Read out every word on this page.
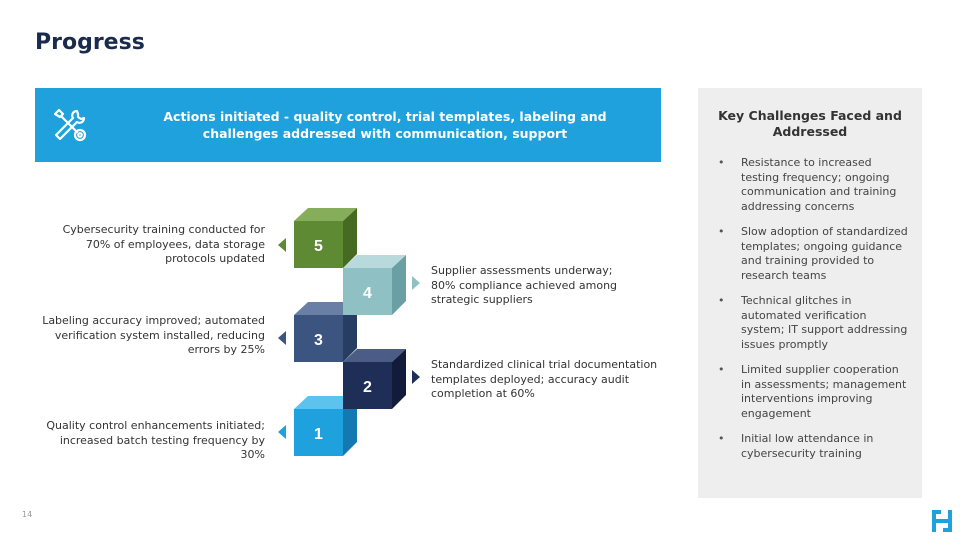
Progress
Actions initiated - quality control, trial templates, labeling and challenges addressed with communication, support
1
2
3
4
5
Cybersecurity training conducted for 70% of employees, data storage protocols updated
Labeling accuracy improved; automated verification system installed, reducing errors by 25%
Quality control enhancements initiated; increased batch testing frequency by 30%
Supplier assessments underway; 80% compliance achieved among strategic suppliers
Standardized clinical trial documentation templates deployed; accuracy audit completion at 60%
Key Challenges Faced and Addressed
• Resistance to increased testing frequency; ongoing communication and training addressing concerns
• Slow adoption of standardized templates; ongoing guidance and training provided to research teams
• Technical glitches in automated verification system; IT support addressing issues promptly
• Limited supplier cooperation in assessments; management interventions improving engagement
• Initial low attendance in cybersecurity training
14
